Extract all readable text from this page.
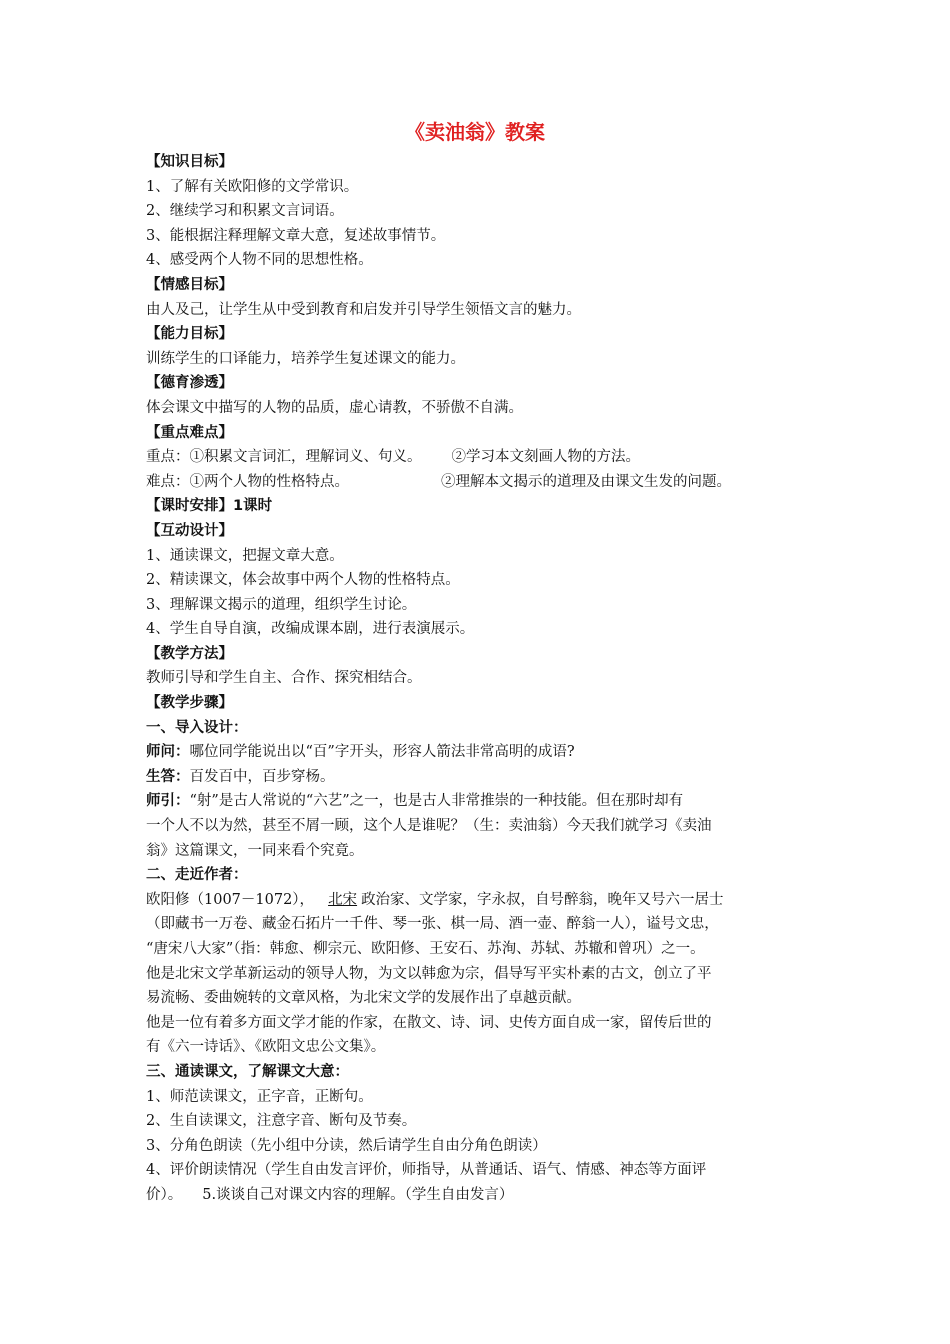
《卖油翁》教案

【知识目标】

1、了解有关欧阳修的文学常识。

2、继续学习和积累文言词语。

3、能根据注释理解文章大意，复述故事情节。

4、感受两个人物不同的思想性格。

【情感目标】

由人及己，让学生从中受到教育和启发并引导学生领悟文言的魅力。

【能力目标】

训练学生的口译能力，培养学生复述课文的能力。

【德育渗透】

体会课文中描写的人物的品质，虚心请教，不骄傲不自满。

【重点难点】

重点：①积累文言词汇，理解词义、句义。 ②学习本文刻画人物的方法。

难点：①两个人物的性格特点。	②理解本文揭示的道理及由课文生发的问题。

【课时安排】1课时

【互动设计】

1、通读课文，把握文章大意。

2、精读课文，体会故事中两个人物的性格特点。

3、理解课文揭示的道理，组织学生讨论。

4、学生自导自演，改编成课本剧，进行表演展示。

【教学方法】

教师引导和学生自主、合作、探究相结合。

【教学步骤】

一、导入设计：

师问：哪位同学能说出以“百”字开头，形容人箭法非常高明的成语?

生答：百发百中，百步穿杨。

师引：“射”是古人常说的“六艺”之一，也是古人非常推崇的一种技能。但在那时却有

一个人不以为然，甚至不屑一顾，这个人是谁呢？（生：卖油翁）今天我们就学习《卖油

翁》这篇课文，一同来看个究竟。

二、走近作者：

欧阳修（1007－1072）， 北宋 政治家、文学家，字永叔，自号醉翁，晚年又号六一居士

（即藏书一万卷、藏金石拓片一千件、琴一张、棋一局、酒一壶、醉翁一人），谥号文忠，

“唐宋八大家”（指：韩愈、柳宗元、欧阳修、王安石、苏洵、苏轼、苏辙和曾巩）之一。

他是北宋文学革新运动的领导人物，为文以韩愈为宗，倡导写平实朴素的古文，创立了平

易流畅、委曲婉转的文章风格，为北宋文学的发展作出了卓越贡献。

他是一位有着多方面文学才能的作家，在散文、诗、词、史传方面自成一家，留传后世的

有《六一诗话》、《欧阳文忠公文集》。

三、通读课文，了解课文大意：

1、师范读课文，正字音，正断句。

2、生自读课文，注意字音、断句及节奏。

3、分角色朗读（先小组中分读，然后请学生自由分角色朗读）

4、评价朗读情况（学生自由发言评价，师指导，从普通话、语气、情感、神态等方面评

价）。 5.谈谈自己对课文内容的理解。（学生自由发言）
